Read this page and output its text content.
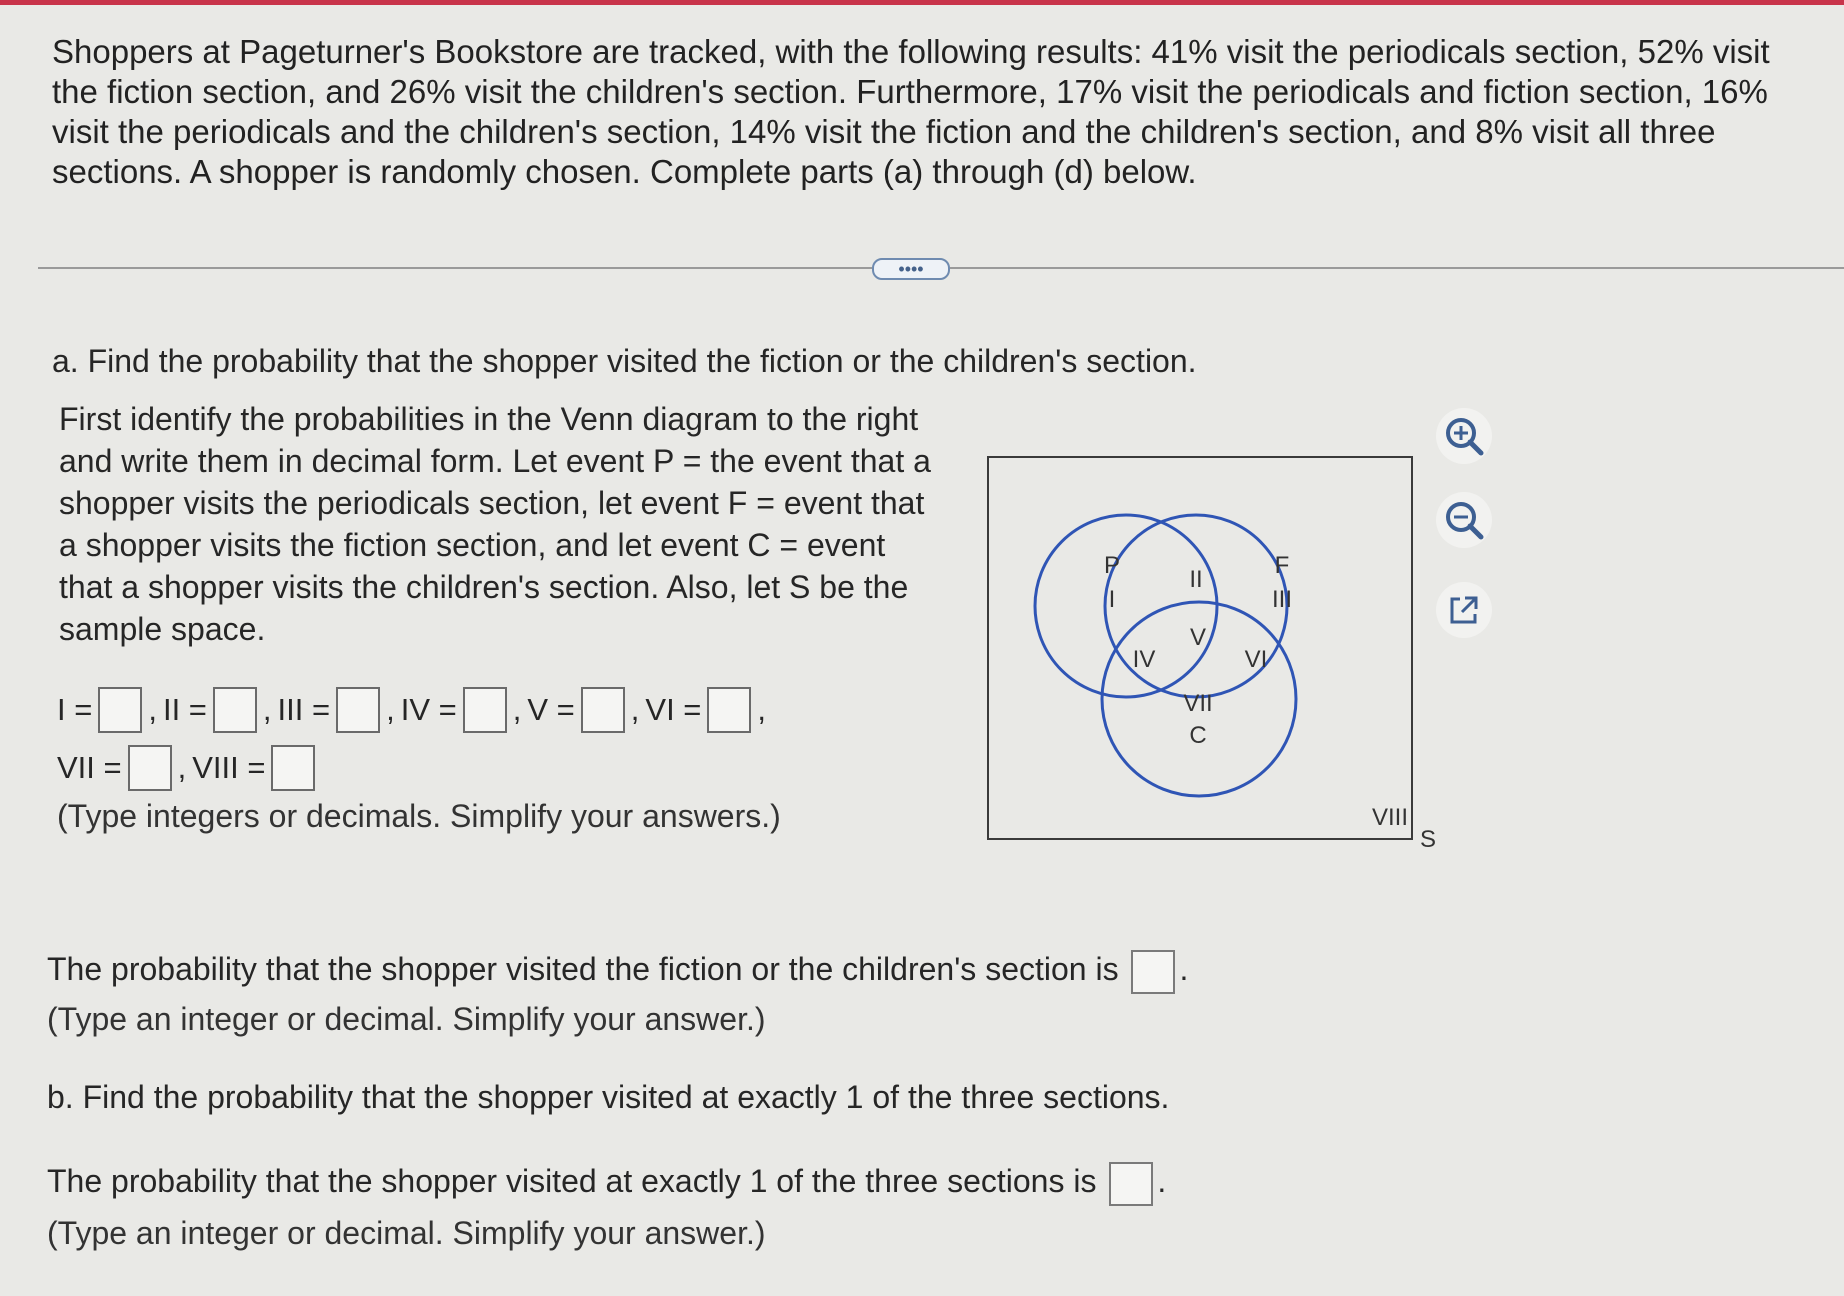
Shoppers at Pageturner's Bookstore are tracked, with the following results: 41% visit the periodicals section, 52% visit the fiction section, and 26% visit the children's section. Furthermore, 17% visit the periodicals and fiction section, 16% visit the periodicals and the children's section, 14% visit the fiction and the children's section, and 8% visit all three sections. A shopper is randomly chosen. Complete parts (a) through (d) below.
••••
a. Find the probability that the shopper visited the fiction or the children's section.
First identify the probabilities in the Venn diagram to the right and write them in decimal form. Let event P = the event that a shopper visits the periodicals section, let event F = event that a shopper visits the fiction section, and let event C = event that a shopper visits the children's section. Also, let S be the sample space.
I = , II = , III = , IV = , V = , VI = ,
VII = , VIII =
(Type integers or decimals. Simplify your answers.)
P
I
II
F
III
V
IV	VI
VII
C
VIII
S
The probability that the shopper visited the fiction or the children's section is .
(Type an integer or decimal. Simplify your answer.)
b. Find the probability that the shopper visited at exactly 1 of the three sections.
The probability that the shopper visited at exactly 1 of the three sections is .
(Type an integer or decimal. Simplify your answer.)
